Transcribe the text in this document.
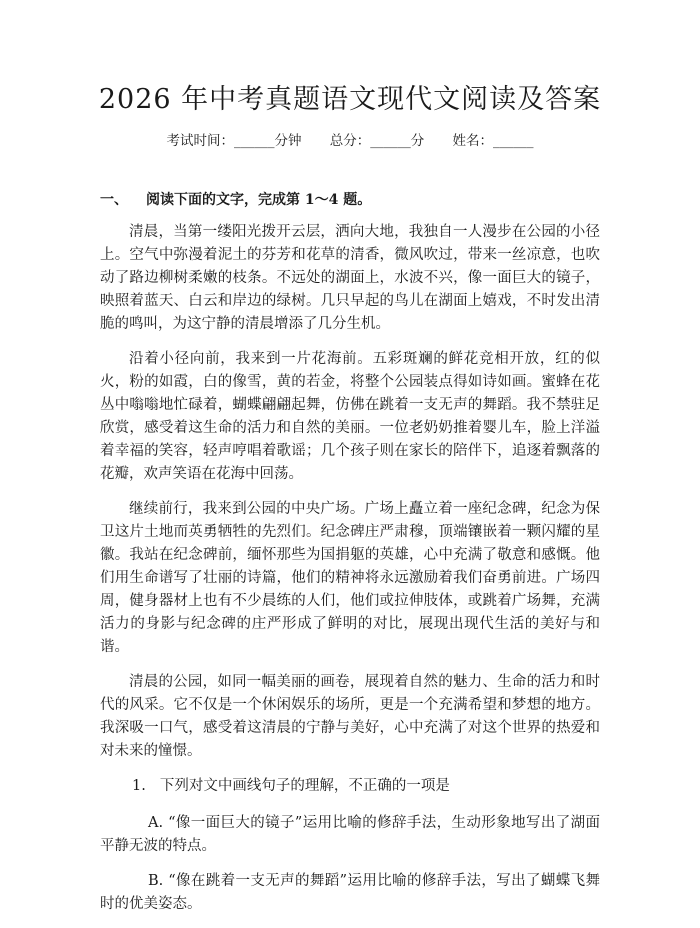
2026 年中考真题语文现代文阅读及答案
考试时间：______分钟 总分：______分 姓名：______
一、 阅读下面的文字，完成第 1～4 题。

清晨，当第一缕阳光拨开云层，洒向大地，我独自一人漫步在公园的小径上。空气中弥漫着泥土的芬芳和花草的清香，微风吹过，带来一丝凉意，也吹动了路边柳树柔嫩的枝条。不远处的湖面上，水波不兴，像一面巨大的镜子，映照着蓝天、白云和岸边的绿树。几只早起的鸟儿在湖面上嬉戏，不时发出清脆的鸣叫，为这宁静的清晨增添了几分生机。

沿着小径向前，我来到一片花海前。五彩斑斓的鲜花竞相开放，红的似火，粉的如霞，白的像雪，黄的若金，将整个公园装点得如诗如画。蜜蜂在花丛中嗡嗡地忙碌着，蝴蝶翩翩起舞，仿佛在跳着一支无声的舞蹈。我不禁驻足欣赏，感受着这生命的活力和自然的美丽。一位老奶奶推着婴儿车，脸上洋溢着幸福的笑容，轻声哼唱着歌谣；几个孩子则在家长的陪伴下，追逐着飘落的花瓣，欢声笑语在花海中回荡。

继续前行，我来到公园的中央广场。广场上矗立着一座纪念碑，纪念为保卫这片土地而英勇牺牲的先烈们。纪念碑庄严肃穆，顶端镶嵌着一颗闪耀的星徽。我站在纪念碑前，缅怀那些为国捐躯的英雄，心中充满了敬意和感慨。他们用生命谱写了壮丽的诗篇，他们的精神将永远激励着我们奋勇前进。广场四周，健身器材上也有不少晨练的人们，他们或拉伸肢体，或跳着广场舞，充满活力的身影与纪念碑的庄严形成了鲜明的对比，展现出现代生活的美好与和谐。

清晨的公园，如同一幅美丽的画卷，展现着自然的魅力、生命的活力和时代的风采。它不仅是一个休闲娱乐的场所，更是一个充满希望和梦想的地方。我深吸一口气，感受着这清晨的宁静与美好，心中充满了对这个世界的热爱和对未来的憧憬。

1. 下列对文中画线句子的理解，不正确的一项是
A. “像一面巨大的镜子”运用比喻的修辞手法，生动形象地写出了湖面平静无波的特点。
B. “像在跳着一支无声的舞蹈”运用比喻的修辞手法，写出了蝴蝶飞舞时的优美姿态。
